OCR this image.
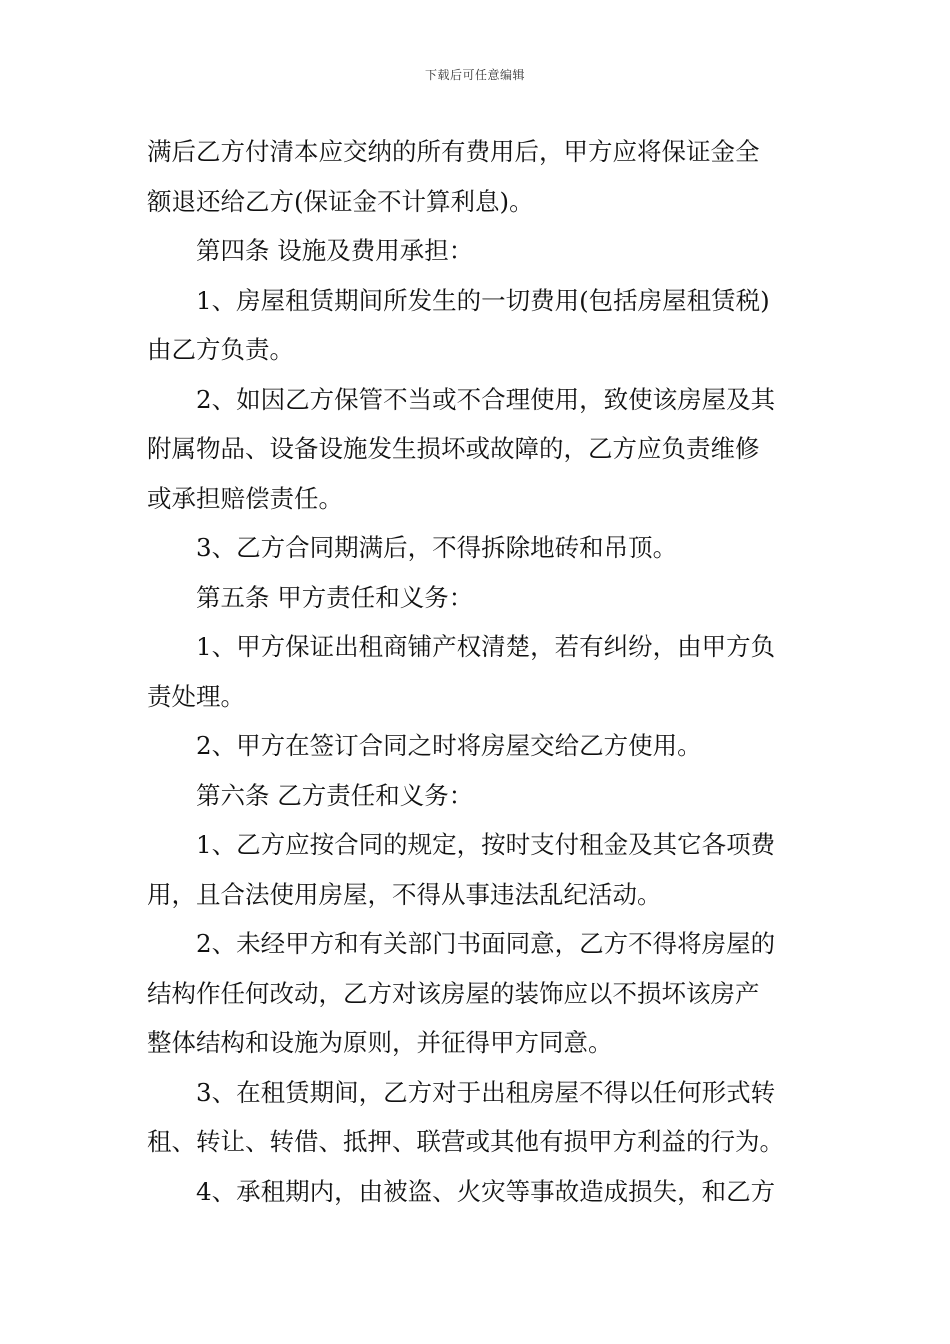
下载后可任意编辑
满后乙方付清本应交纳的所有费用后，甲方应将保证金全
额退还给乙方(保证金不计算利息)。
第四条 设施及费用承担：
1、房屋租赁期间所发生的一切费用(包括房屋租赁税)
由乙方负责。
2、如因乙方保管不当或不合理使用，致使该房屋及其
附属物品、设备设施发生损坏或故障的，乙方应负责维修
或承担赔偿责任。
3、乙方合同期满后，不得拆除地砖和吊顶。
第五条 甲方责任和义务：
1、甲方保证出租商铺产权清楚，若有纠纷，由甲方负
责处理。
2、甲方在签订合同之时将房屋交给乙方使用。
第六条 乙方责任和义务：
1、乙方应按合同的规定，按时支付租金及其它各项费
用，且合法使用房屋，不得从事违法乱纪活动。
2、未经甲方和有关部门书面同意，乙方不得将房屋的
结构作任何改动，乙方对该房屋的装饰应以不损坏该房产
整体结构和设施为原则，并征得甲方同意。
3、在租赁期间，乙方对于出租房屋不得以任何形式转
租、转让、转借、抵押、联营或其他有损甲方利益的行为。
4、承租期内，由被盗、火灾等事故造成损失，和乙方
